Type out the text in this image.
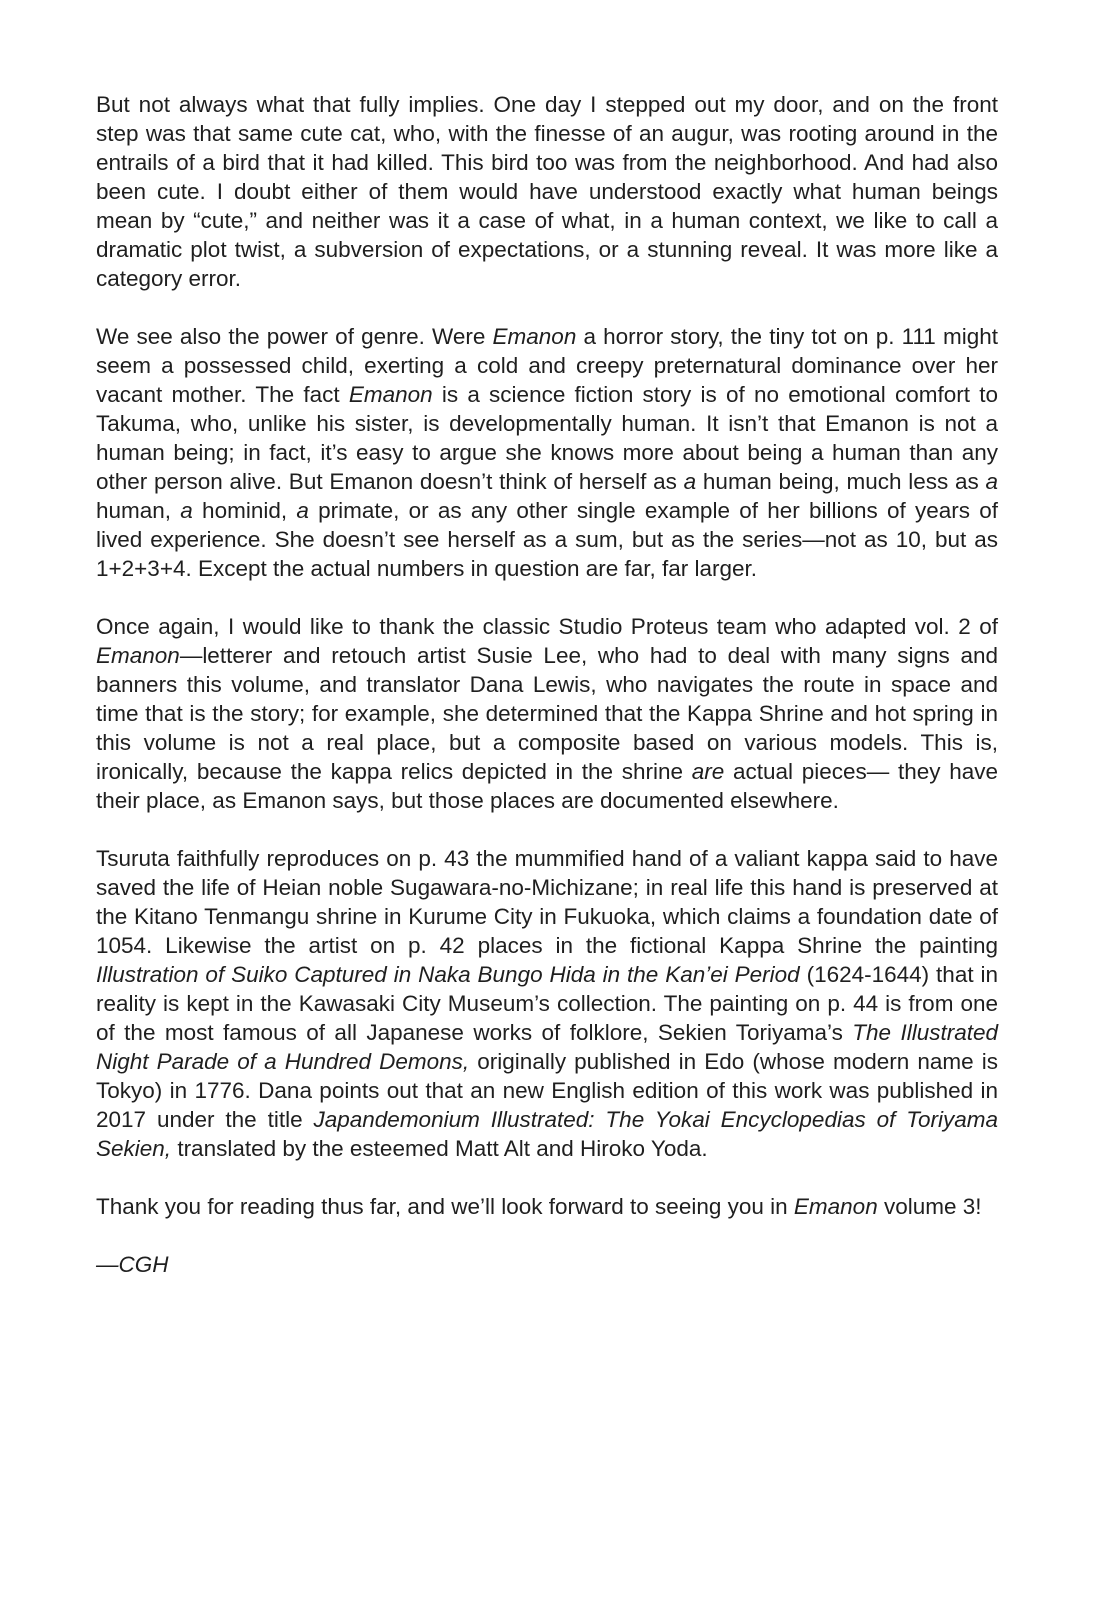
But not always what that fully implies. One day I stepped out my door, and on the front step was that same cute cat, who, with the finesse of an augur, was rooting around in the entrails of a bird that it had killed. This bird too was from the neighborhood. And had also been cute. I doubt either of them would have understood exactly what human beings mean by “cute,” and neither was it a case of what, in a human context, we like to call a dramatic plot twist, a subversion of expectations, or a stunning reveal. It was more like a category error.

We see also the power of genre. Were Emanon a horror story, the tiny tot on p. 111 might seem a possessed child, exerting a cold and creepy preternatural dominance over her vacant mother. The fact Emanon is a science fiction story is of no emotional comfort to Takuma, who, unlike his sister, is developmentally human. It isn’t that Emanon is not a human being; in fact, it’s easy to argue she knows more about being a human than any other person alive. But Emanon doesn’t think of herself as a human being, much less as a human, a hominid, a primate, or as any other single example of her billions of years of lived experience. She doesn’t see herself as a sum, but as the series—not as 10, but as 1+2+3+4. Except the actual numbers in question are far, far larger.

Once again, I would like to thank the classic Studio Proteus team who adapted vol. 2 of Emanon—letterer and retouch artist Susie Lee, who had to deal with many signs and banners this volume, and translator Dana Lewis, who navigates the route in space and time that is the story; for example, she determined that the Kappa Shrine and hot spring in this volume is not a real place, but a composite based on various models. This is, ironically, because the kappa relics depicted in the shrine are actual pieces— they have their place, as Emanon says, but those places are documented elsewhere.

Tsuruta faithfully reproduces on p. 43 the mummified hand of a valiant kappa said to have saved the life of Heian noble Sugawara-no-Michizane; in real life this hand is preserved at the Kitano Tenmangu shrine in Kurume City in Fukuoka, which claims a foundation date of 1054. Likewise the artist on p. 42 places in the fictional Kappa Shrine the painting Illustration of Suiko Captured in Naka Bungo Hida in the Kan’ei Period (1624-1644) that in reality is kept in the Kawasaki City Museum’s collection. The painting on p. 44 is from one of the most famous of all Japanese works of folklore, Sekien Toriyama’s The Illustrated Night Parade of a Hundred Demons, originally published in Edo (whose modern name is Tokyo) in 1776. Dana points out that an new English edition of this work was published in 2017 under the title Japandemonium Illustrated: The Yokai Encyclopedias of Toriyama Sekien, translated by the esteemed Matt Alt and Hiroko Yoda.

Thank you for reading thus far, and we’ll look forward to seeing you in Emanon volume 3!

—CGH
